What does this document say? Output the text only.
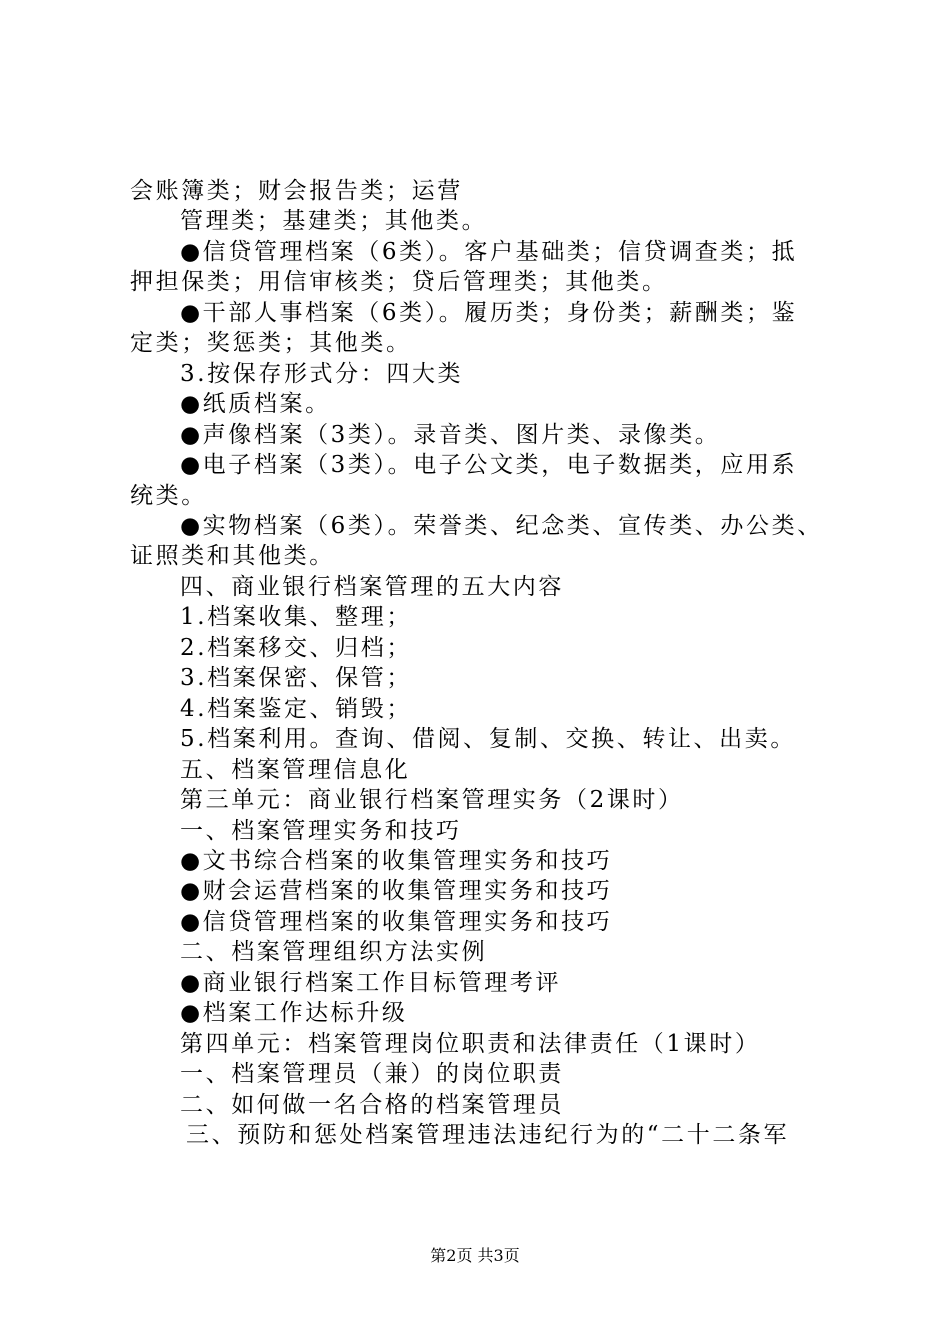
会账簿类；财会报告类；运营
管理类；基建类；其他类。
●信贷管理档案（6类）。客户基础类；信贷调查类；抵
押担保类；用信审核类；贷后管理类；其他类。
●干部人事档案（6类）。履历类；身份类；薪酬类；鉴
定类；奖惩类；其他类。
3.按保存形式分：四大类
●纸质档案。
●声像档案（3类）。录音类、图片类、录像类。
●电子档案（3类）。电子公文类，电子数据类，应用系
统类。
●实物档案（6类）。荣誉类、纪念类、宣传类、办公类、
证照类和其他类。
四、商业银行档案管理的五大内容
1.档案收集、整理；
2.档案移交、归档；
3.档案保密、保管；
4.档案鉴定、销毁；
5.档案利用。查询、借阅、复制、交换、转让、出卖。
五、档案管理信息化
第三单元：商业银行档案管理实务（2课时）
一、档案管理实务和技巧
●文书综合档案的收集管理实务和技巧
●财会运营档案的收集管理实务和技巧
●信贷管理档案的收集管理实务和技巧
二、档案管理组织方法实例
●商业银行档案工作目标管理考评
●档案工作达标升级
第四单元：档案管理岗位职责和法律责任（1课时）
一、档案管理员（兼）的岗位职责
二、如何做一名合格的档案管理员
三、预防和惩处档案管理违法违纪行为的“二十二条军
第2页 共3页
